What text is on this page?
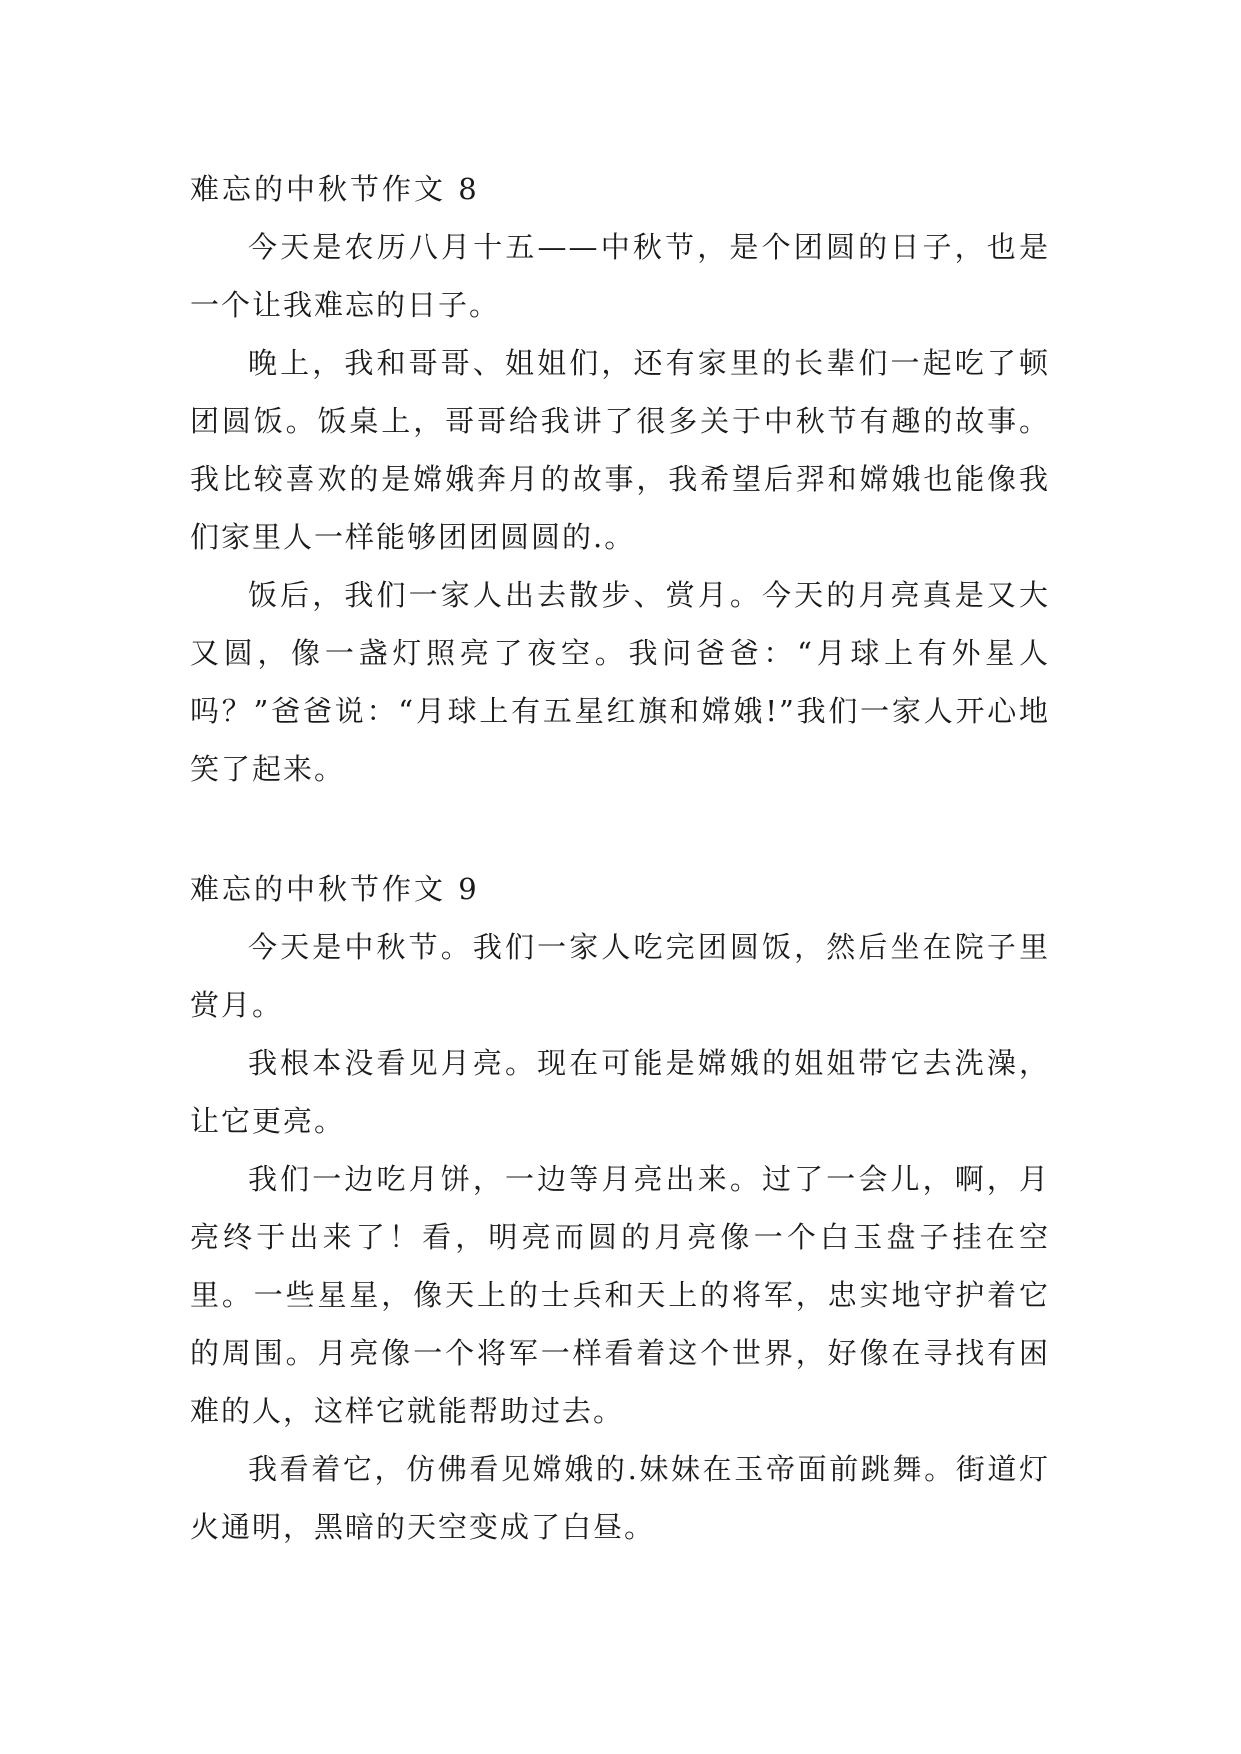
难忘的中秋节作文 8

今天是农历八月十五——中秋节，是个团圆的日子，也是一个让我难忘的日子。

晚上，我和哥哥、姐姐们，还有家里的长辈们一起吃了顿团圆饭。饭桌上，哥哥给我讲了很多关于中秋节有趣的故事。我比较喜欢的是嫦娥奔月的故事，我希望后羿和嫦娥也能像我们家里人一样能够团团圆圆的.。

饭后，我们一家人出去散步、赏月。今天的月亮真是又大又圆，像一盏灯照亮了夜空。我问爸爸：“月球上有外星人吗？”爸爸说：“月球上有五星红旗和嫦娥!”我们一家人开心地笑了起来。

难忘的中秋节作文 9

今天是中秋节。我们一家人吃完团圆饭，然后坐在院子里赏月。

我根本没看见月亮。现在可能是嫦娥的姐姐带它去洗澡，让它更亮。

我们一边吃月饼，一边等月亮出来。过了一会儿，啊，月亮终于出来了！看，明亮而圆的月亮像一个白玉盘子挂在空里。一些星星，像天上的士兵和天上的将军，忠实地守护着它的周围。月亮像一个将军一样看着这个世界，好像在寻找有困难的人，这样它就能帮助过去。

我看着它，仿佛看见嫦娥的.妹妹在玉帝面前跳舞。街道灯火通明，黑暗的天空变成了白昼。
